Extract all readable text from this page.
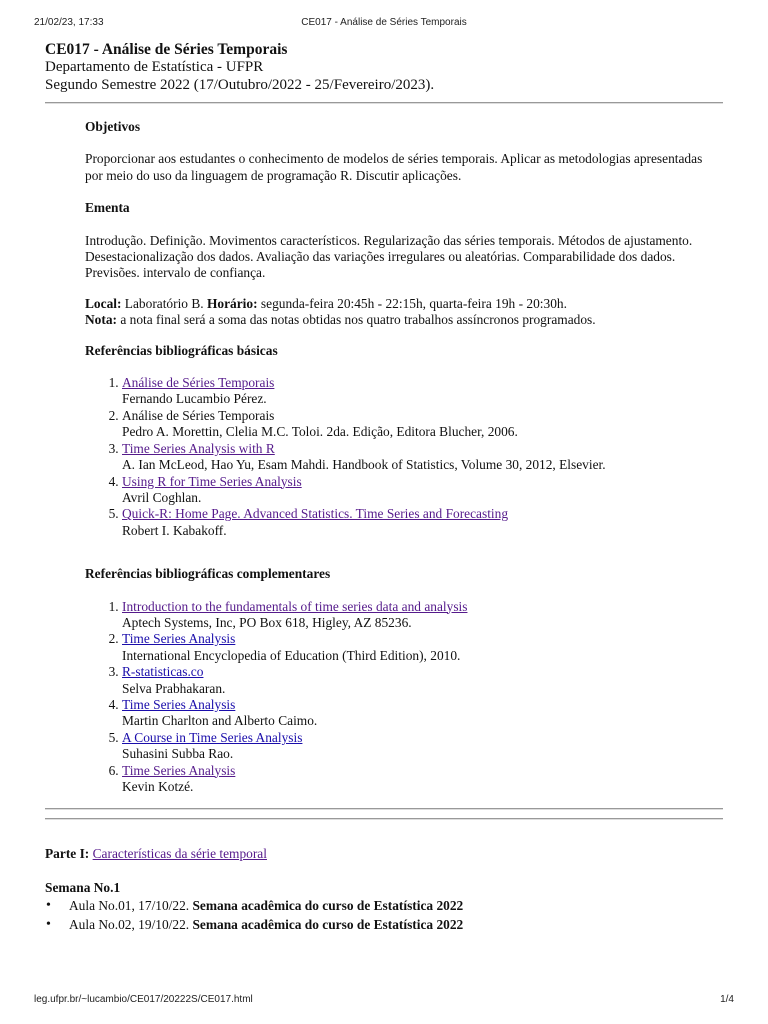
21/02/23, 17:33	CE017 - Análise de Séries Temporais
CE017 - Análise de Séries Temporais
Departamento de Estatística - UFPR
Segundo Semestre 2022 (17/Outubro/2022 - 25/Fevereiro/2023).
Objetivos

Proporcionar aos estudantes o conhecimento de modelos de séries temporais. Aplicar as metodologias apresentadas
por meio do uso da linguagem de programação R. Discutir aplicações.

Ementa

Introdução. Definição. Movimentos característicos. Regularização das séries temporais. Métodos de ajustamento.
Desestacionalização dos dados. Avaliação das variações irregulares ou aleatórias. Comparabilidade dos dados.
Previsões. intervalo de confiança.

Local: Laboratório B. Horário: segunda-feira 20:45h - 22:15h, quarta-feira 19h - 20:30h.

Nota: a nota final será a soma das notas obtidas nos quatro trabalhos assíncronos programados.

Referências bibliográficas básicas
1. Análise de Séries Temporais
Fernando Lucambio Pérez.
2. Análise de Séries Temporais
Pedro A. Morettin, Clelia M.C. Toloi. 2da. Edição, Editora Blucher, 2006.
3. Time Series Analysis with R
A. Ian McLeod, Hao Yu, Esam Mahdi. Handbook of Statistics, Volume 30, 2012, Elsevier.
4. Using R for Time Series Analysis
Avril Coghlan.
5. Quick-R: Home Page. Advanced Statistics. Time Series and Forecasting
Robert I. Kabakoff.
Referências bibliográficas complementares
1. Introduction to the fundamentals of time series data and analysis
Aptech Systems, Inc, PO Box 618, Higley, AZ 85236.
2. Time Series Analysis
International Encyclopedia of Education (Third Edition), 2010.
3. R-statisticas.co
Selva Prabhakaran.
4. Time Series Analysis
Martin Charlton and Alberto Caimo.
5. A Course in Time Series Analysis
Suhasini Subba Rao.
6. Time Series Analysis
Kevin Kotzé.

Parte I: Características da série temporal

Semana No.1
• Aula No.01, 17/10/22. Semana acadêmica do curso de Estatística 2022
• Aula No.02, 19/10/22. Semana acadêmica do curso de Estatística 2022
leg.ufpr.br/~lucambio/CE017/20222S/CE017.html	1/4
